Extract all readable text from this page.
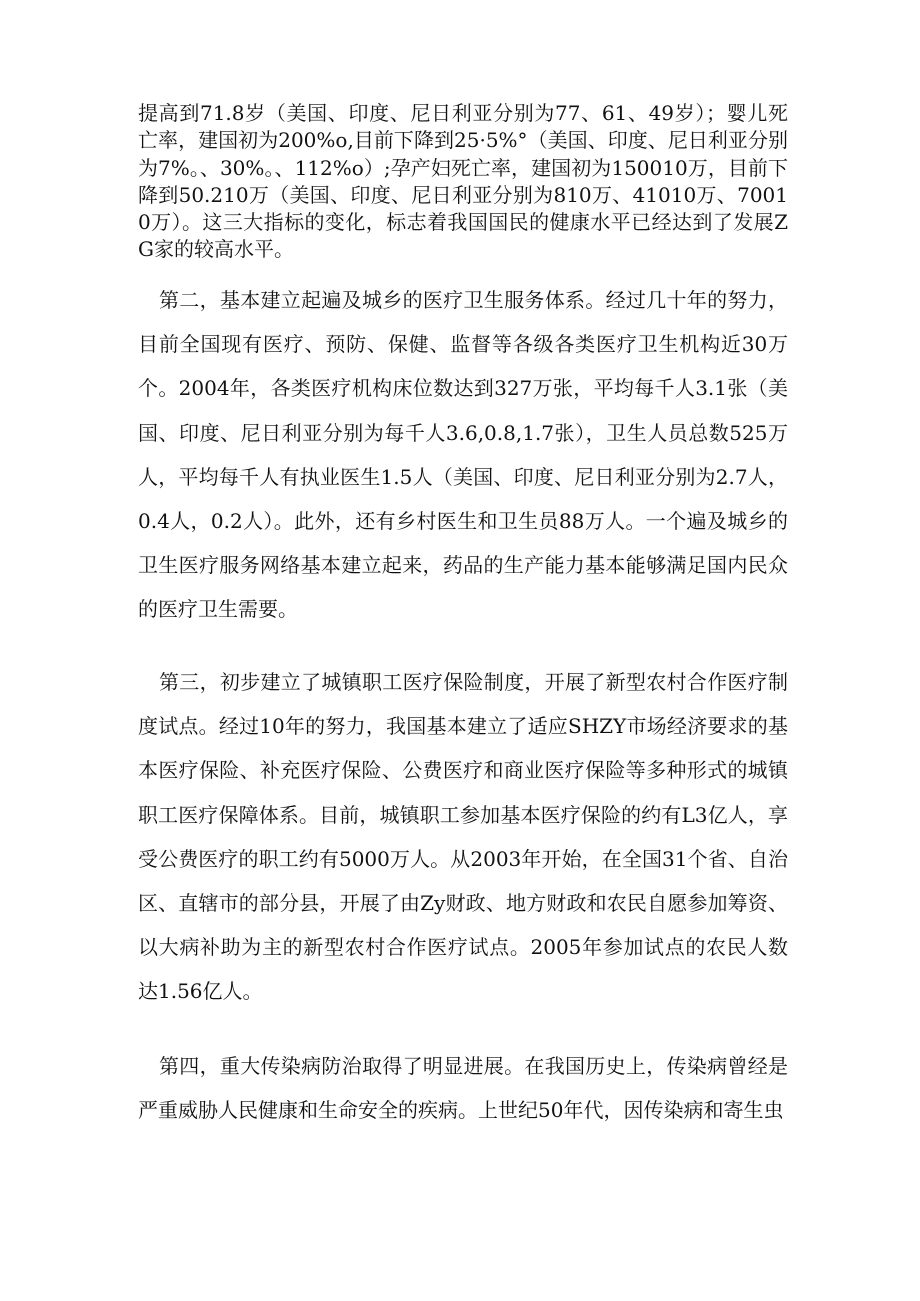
提高到71.8岁（美国、印度、尼日利亚分别为77、61、49岁）；婴儿死亡率，建国初为200%o,目前下降到25·5%°（美国、印度、尼日利亚分别为7%。、30%。、112%o）;孕产妇死亡率，建国初为150010万，目前下降到50.210万（美国、印度、尼日利亚分别为810万、41010万、70010万）。这三大指标的变化，标志着我国国民的健康水平已经达到了发展ZG家的较高水平。

第二，基本建立起遍及城乡的医疗卫生服务体系。经过几十年的努力，目前全国现有医疗、预防、保健、监督等各级各类医疗卫生机构近30万个。2004年，各类医疗机构床位数达到327万张，平均每千人3.1张（美国、印度、尼日利亚分别为每千人3.6,0.8,1.7张），卫生人员总数525万人，平均每千人有执业医生1.5人（美国、印度、尼日利亚分别为2.7人，0.4人，0.2人）。此外，还有乡村医生和卫生员88万人。一个遍及城乡的卫生医疗服务网络基本建立起来，药品的生产能力基本能够满足国内民众的医疗卫生需要。

第三，初步建立了城镇职工医疗保险制度，开展了新型农村合作医疗制度试点。经过10年的努力，我国基本建立了适应SHZY市场经济要求的基本医疗保险、补充医疗保险、公费医疗和商业医疗保险等多种形式的城镇职工医疗保障体系。目前，城镇职工参加基本医疗保险的约有L3亿人，享受公费医疗的职工约有5000万人。从2003年开始，在全国31个省、自治区、直辖市的部分县，开展了由Zy财政、地方财政和农民自愿参加筹资、以大病补助为主的新型农村合作医疗试点。2005年参加试点的农民人数达1.56亿人。

第四，重大传染病防治取得了明显进展。在我国历史上，传染病曾经是严重威胁人民健康和生命安全的疾病。上世纪50年代，因传染病和寄生虫
